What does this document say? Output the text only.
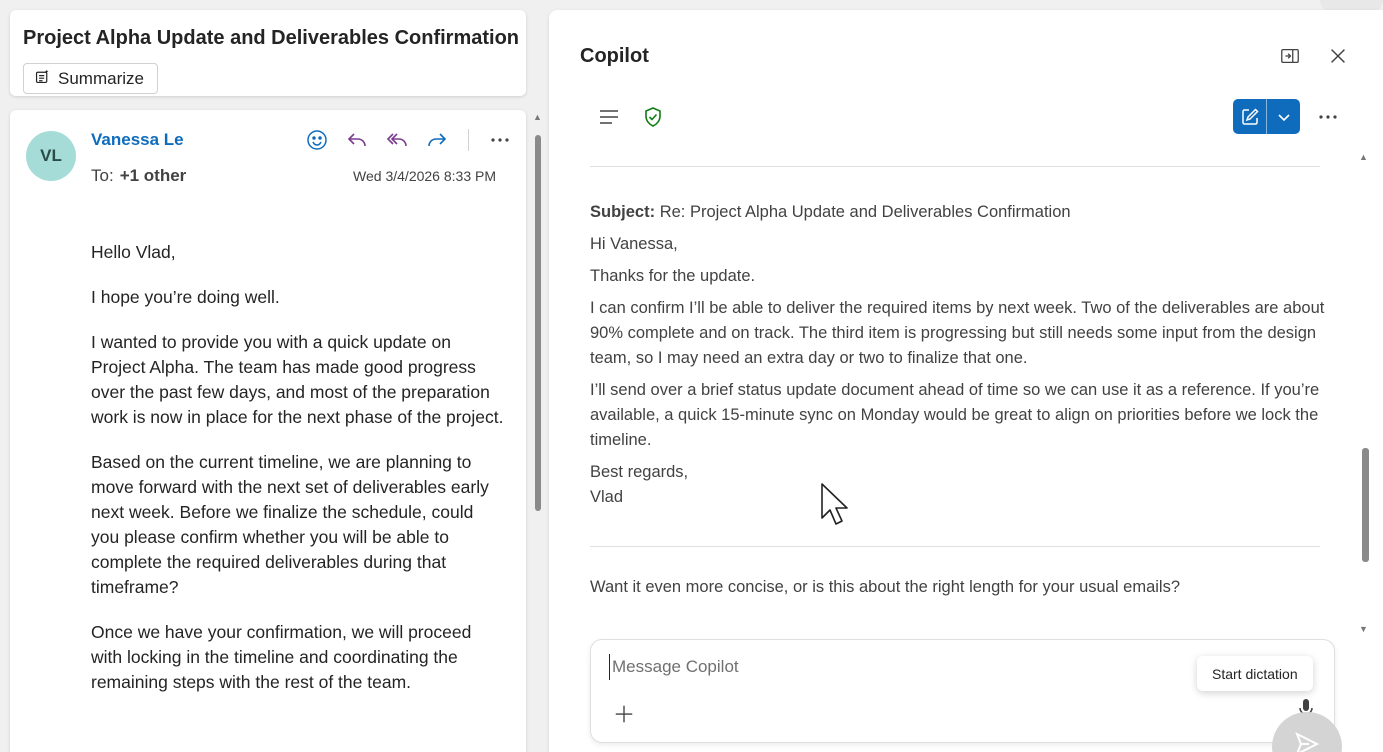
Project Alpha Update and Deliverables Confirmation
Summarize
VL
Vanessa Le
To: +1 other	Wed 3/4/2026 8:33 PM

Hello Vlad,

I hope you’re doing well.

I wanted to provide you with a quick update on Project Alpha. The team has made good progress over the past few days, and most of the preparation work is now in place for the next phase of the project.

Based on the current timeline, we are planning to move forward with the next set of deliverables early next week. Before we finalize the schedule, could you please confirm whether you will be able to complete the required deliverables during that timeframe?

Once we have your confirmation, we will proceed with locking in the timeline and coordinating the remaining steps with the rest of the team.

▲
Copilot

Subject: Re: Project Alpha Update and Deliverables Confirmation

Hi Vanessa,

Thanks for the update.

I can confirm I’ll be able to deliver the required items by next week. Two of the deliverables are about 90% complete and on track. The third item is progressing but still needs some input from the design team, so I may need an extra day or two to finalize that one.

I’ll send over a brief status update document ahead of time so we can use it as a reference. If you’re available, a quick 15-minute sync on Monday would be great to align on priorities before we lock the timeline.

Best regards,
Vlad
Want it even more concise, or is this about the right length for your usual emails?
▲
▼
Message Copilot
Start dictation
